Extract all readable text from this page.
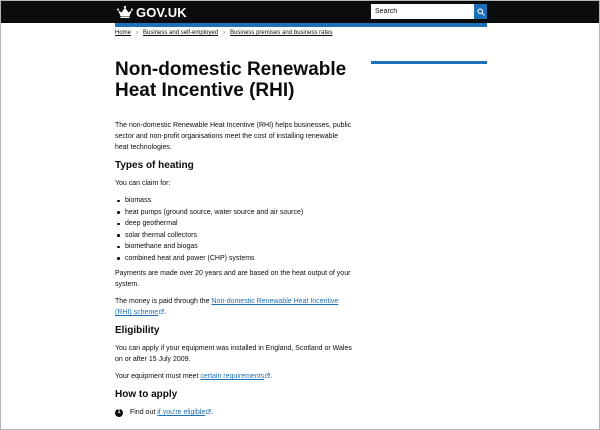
GOV.UK
Search
Home › Business and self-employed › Business premises and business rates
Non-domestic Renewable
Heat Incentive (RHI)

The non-domestic Renewable Heat Incentive (RHI) helps businesses, public
sector and non-profit organisations meet the cost of installing renewable
heat technologies.

Types of heating

You can claim for:

biomass
heat pumps (ground source, water source and air source)
deep geothermal
solar thermal collectors
biomethane and biogas
combined heat and power (CHP) systems

Payments are made over 20 years and are based on the heat output of your
system.

The money is paid through the Non-domestic Renewable Heat Incentive
(RHI) scheme .

Eligibility

You can apply if your equipment was installed in England, Scotland or Wales
on or after 15 July 2009.

Your equipment must meet certain requirements .

How to apply
1	Find out if you're eligible .
